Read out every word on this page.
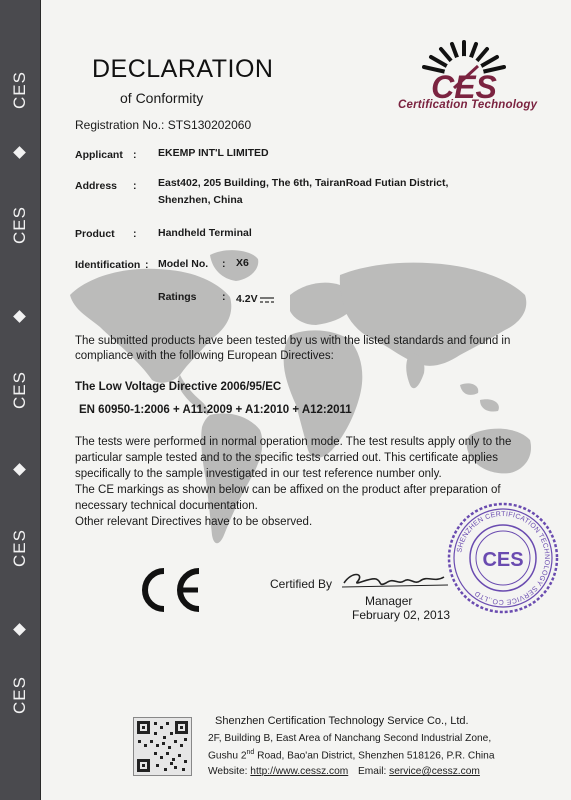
CES
CES
CES
CES
CES
DECLARATION
of Conformity
Registration No.: STS130202060
CES
Certification Technology
Applicant : EKEMP INT'L LIMITED
Address : East402, 205 Building, The 6th, TairanRoad Futian District,
Shenzhen, China
Product : Handheld Terminal
Identification : Model No. : X6
Ratings : 4.2V
The submitted products have been tested by us with the listed standards and found in
compliance with the following European Directives:
The Low Voltage Directive 2006/95/EC
EN 60950-1:2006 + A11:2009 + A1:2010 + A12:2011
The tests were performed in normal operation mode. The test results apply only to the
particular sample tested and to the specific tests carried out. This certificate applies
specifically to the sample investigated in our test reference number only.
The CE markings as shown below can be affixed on the product after preparation of
necessary technical documentation.
Other relevant Directives have to be observed.
Certified By
Manager
February 02, 2013
SHENZHEN CERTIFICATION TECHNOLOGY SERVICE CO.,LTD
CES
Shenzhen Certification Technology Service Co., Ltd.
2F, Building B, East Area of Nanchang Second Industrial Zone,
Gushu 2nd Road, Bao'an District, Shenzhen 518126, P.R. China
Website: http://www.cessz.com Email: service@cessz.com
